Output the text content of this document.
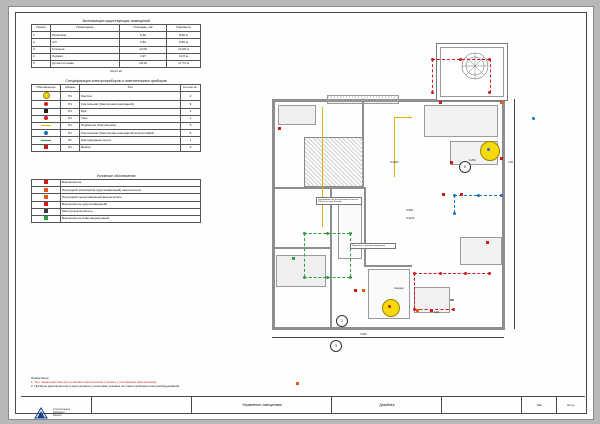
Экспликация существующих помещений
Номер	Помещение	Площадь, м2	Периметр
1	Прихожая	6,66	8,86 м
2	С/У	3,84	8,55 м
3	Спальня	12,55	14,28 м
4	Лоджия	4,97	10,0 м
5	Кухня-гостиная	18,19	17,73 м
44,21 м²			
Спецификация электроприборов и осветительных приборов
Обозначение	Марка	Тип	Кол-во шт
	П1	Люстра	2
	П1	Светильник (Светильник накладной)	9
	П1	Бра	1
	П1	Трек	1
	Л1	Подсветка (Светильник)	3
	П1	Светильник (Светильник накладной) влагостойкий	5
	Л1	Светодиодная лента	1
	П1	Выбор	3
Условные обозначения
	Выключатель
	Проходной (checkpoint) (двухклавишный) выключатель
	Проходной одноклавишный выключатель
	Выключатель (двухклавишный)
	Мастер выключатель
	Выключатель влагозащищенный
Примечания:
1. Тип, характеристики для установки светильников уточнять у поставщика (светильника).
2. Приборы (выключатели) в один уровень с розетками указаны на плане приборов электрооборудования.
Строительная
компания
Ремонт
Управление освещением	Дизайнер	Изм.	Кол.уч
2
3
5
Светильник бра для крепежа на высоте 250 мм от низа потолка
Подсветка с датчиком движения
h=900
h=1100
h-250
h-60
h-60
Санузел
ПМ
h=2000
h-900
